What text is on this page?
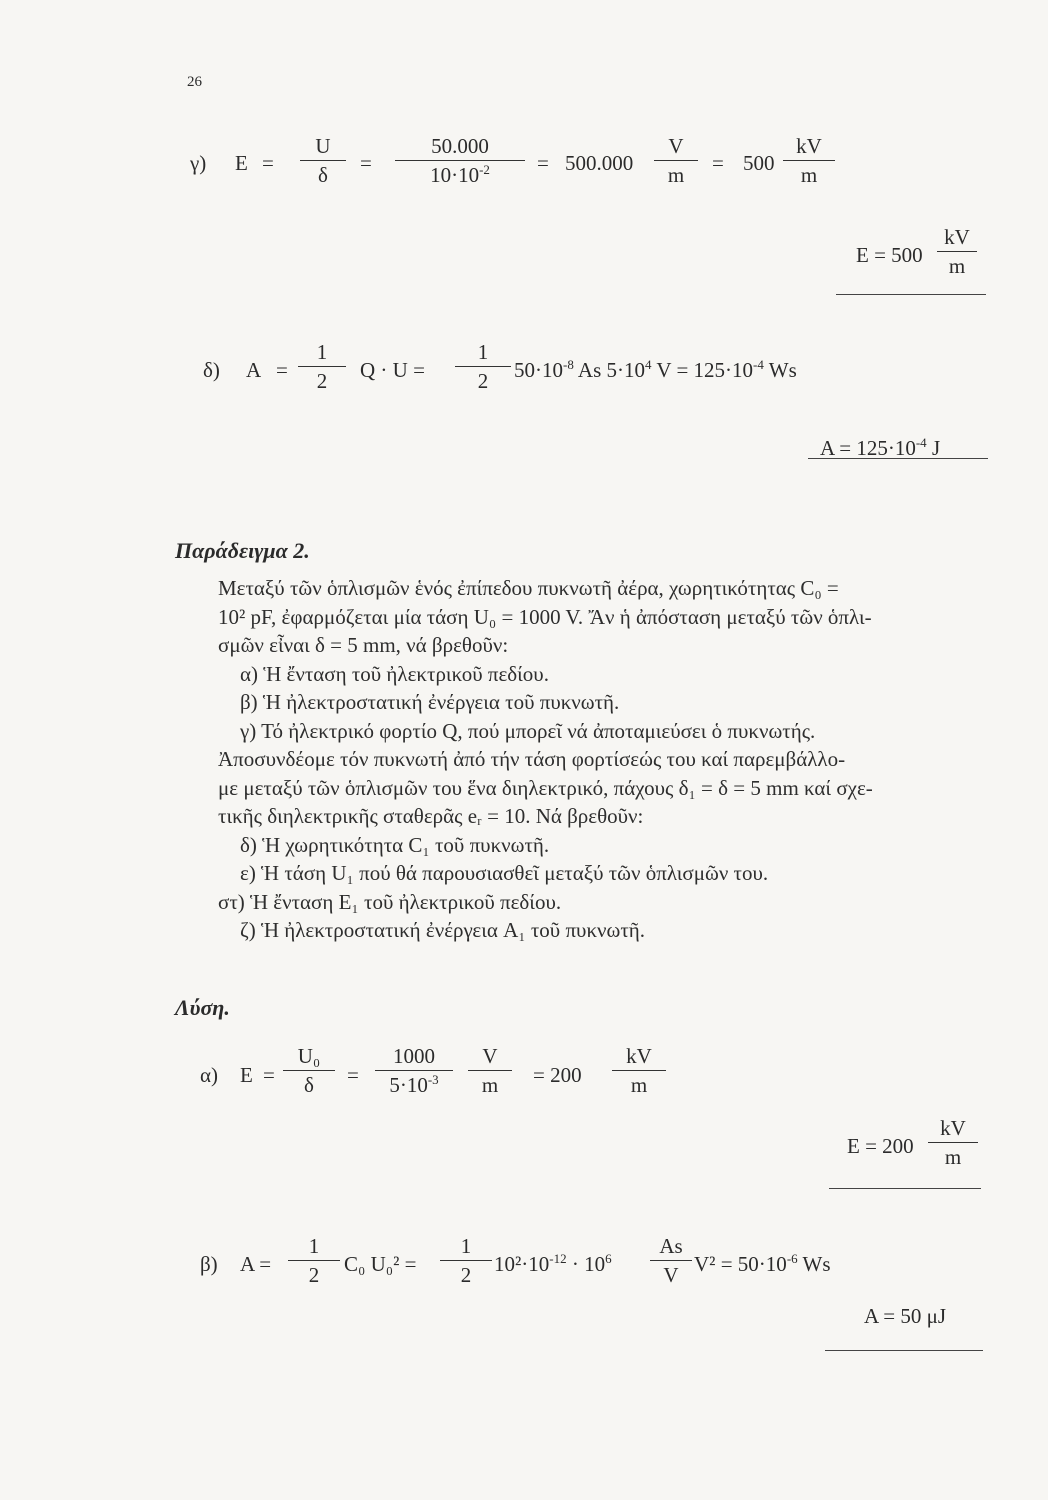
26
γ) E =
U
δ =
50.000
$10\cdot 10^{-2} = 500.000$
V
m = 500
kV
m
E = 500
kV
m
δ) A =
1
2 Q · U =
1
2 $50\cdot 10^{-8}$ As $5\cdot 10^4$ $V = 125\cdot 10^{-4}$ Ws
$A = 125\cdot 10^{-4}$ J
Παράδειγμα 2.

Μεταξύ τῶν ὁπλισμῶν ἑνός ἐπίπεδου πυκνωτῆ ἀέρα, χωρητικότητας C₀ =

10² pF, ἐφαρμόζεται μία τάση U₀ = 1000 V. Ἄν ἡ ἀπόσταση μεταξύ τῶν ὁπλι-

σμῶν εἶναι δ = 5 mm, νά βρεθοῦν:

α) Ἡ ἔνταση τοῦ ἠλεκτρικοῦ πεδίου.

β) Ἡ ἠλεκτροστατική ἐνέργεια τοῦ πυκνωτῆ.

γ) Τό ἠλεκτρικό φορτίο Q, πού μπορεῖ νά ἀποταμιεύσει ὁ πυκνωτής.

Ἀποσυνδέομε τόν πυκνωτή ἀπό τήν τάση φορτίσεώς του καί παρεμβάλλο-

με μεταξύ τῶν ὁπλισμῶν του ἕνα διηλεκτρικό, πάχους δ₁ = δ = 5 mm καί σχε-

τικῆς διηλεκτρικῆς σταθερᾶς eᵣ = 10. Νά βρεθοῦν:

δ) Ἡ χωρητικότητα C₁ τοῦ πυκνωτῆ.

ε) Ἡ τάση U₁ πού θά παρουσιασθεῖ μεταξύ τῶν ὁπλισμῶν του.

στ) Ἡ ἔνταση E₁ τοῦ ἠλεκτρικοῦ πεδίου.

ζ) Ἡ ἠλεκτροστατική ἐνέργεια A₁ τοῦ πυκνωτῆ.

Λύση.
α) E =
U₀
δ =
1000
$5\cdot 10^{-3}$
V
m = 200
kV
m
E = 200
kV
m
β) A =
1
2 C₀ U₀² =
1
2 $10^2\cdot 10^{-12} \cdot 10^6$
As
V $V^2 = 50\cdot 10^{-6}$ Ws
A = 50 μJ
